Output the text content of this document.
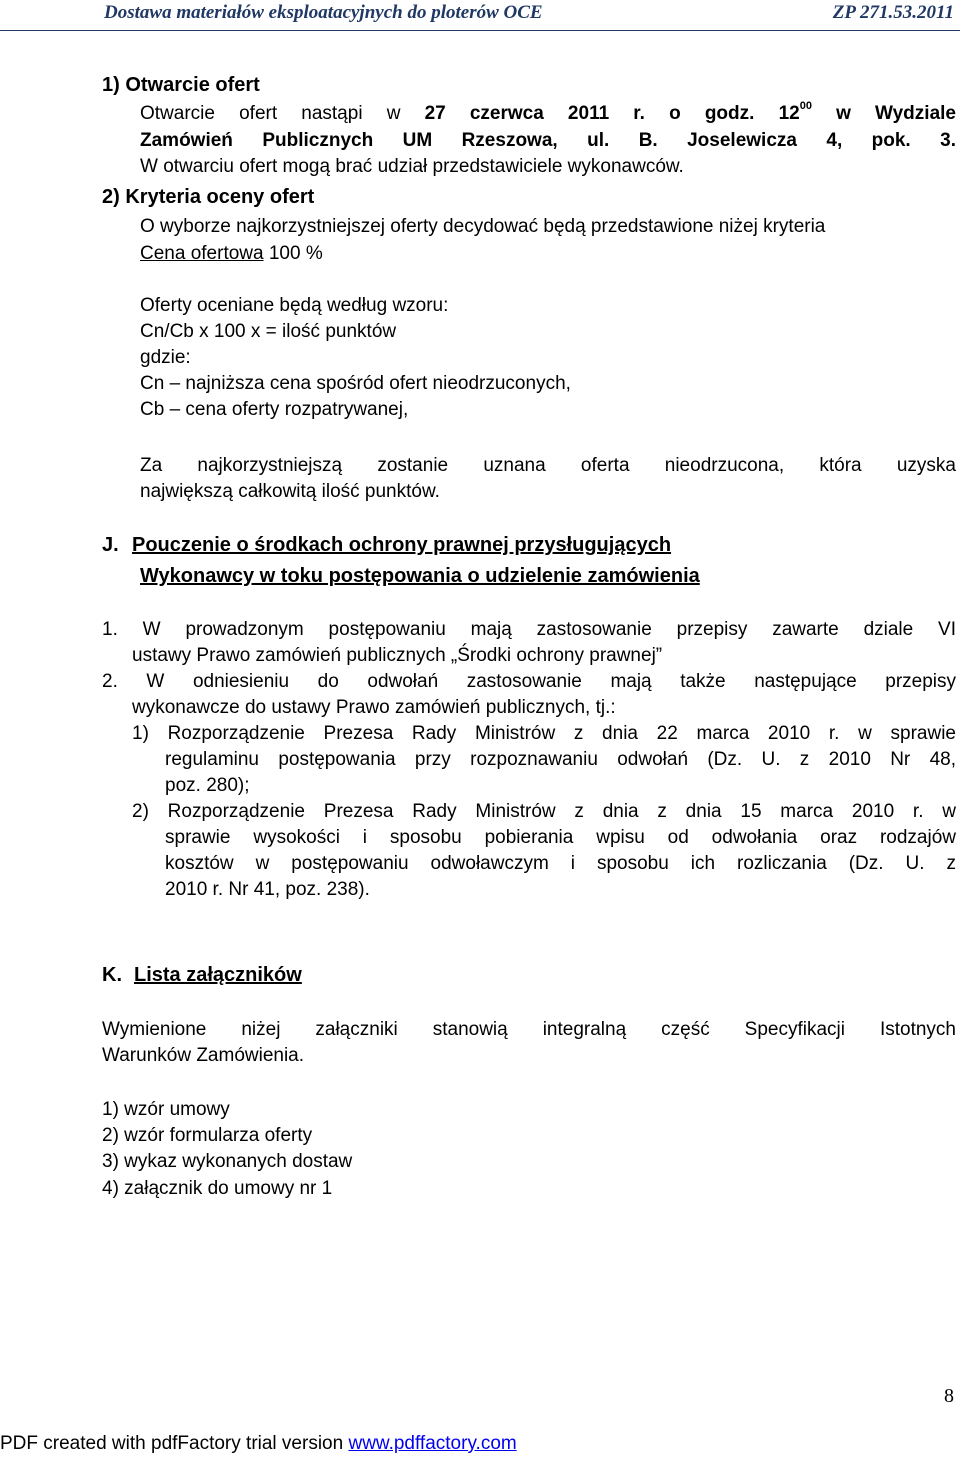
Dostawa materiałów eksploatacyjnych do ploterów OCE	ZP 271.53.2011
1) Otwarcie ofert
Otwarcie ofert nastąpi w 27 czerwca 2011 r. o godz. $12^{00}$ w Wydziale
Zamówień Publicznych UM Rzeszowa, ul. B. Joselewicza 4, pok. 3.
W otwarciu ofert mogą brać udział przedstawiciele wykonawców.
2) Kryteria oceny ofert
O wyborze najkorzystniejszej oferty decydować będą przedstawione niżej kryteria
Cena ofertowa 100 %
Oferty oceniane będą według wzoru:
Cn/Cb x 100 x = ilość punktów
gdzie:
Cn – najniższa cena spośród ofert nieodrzuconych,
Cb – cena oferty rozpatrywanej,
Za najkorzystniejszą zostanie uznana oferta nieodrzucona, która uzyska
największą całkowitą ilość punktów.
J. Pouczenie o środkach ochrony prawnej przysługujących
Wykonawcy w toku postępowania o udzielenie zamówienia
1. W prowadzonym postępowaniu mają zastosowanie przepisy zawarte dziale VI
ustawy Prawo zamówień publicznych „Środki ochrony prawnej”
2. W odniesieniu do odwołań zastosowanie mają także następujące przepisy
wykonawcze do ustawy Prawo zamówień publicznych, tj.:
1) Rozporządzenie Prezesa Rady Ministrów z dnia 22 marca 2010 r. w sprawie
regulaminu postępowania przy rozpoznawaniu odwołań (Dz. U. z 2010 Nr 48,
poz. 280);
2) Rozporządzenie Prezesa Rady Ministrów z dnia z dnia 15 marca 2010 r. w
sprawie wysokości i sposobu pobierania wpisu od odwołania oraz rodzajów
kosztów w postępowaniu odwoławczym i sposobu ich rozliczania (Dz. U. z
2010 r. Nr 41, poz. 238).
K. Lista załączników
Wymienione niżej załączniki stanowią integralną część Specyfikacji Istotnych
Warunków Zamówienia.
1) wzór umowy
2) wzór formularza oferty
3) wykaz wykonanych dostaw
4) załącznik do umowy nr 1
8
PDF created with pdfFactory trial version www.pdffactory.com
